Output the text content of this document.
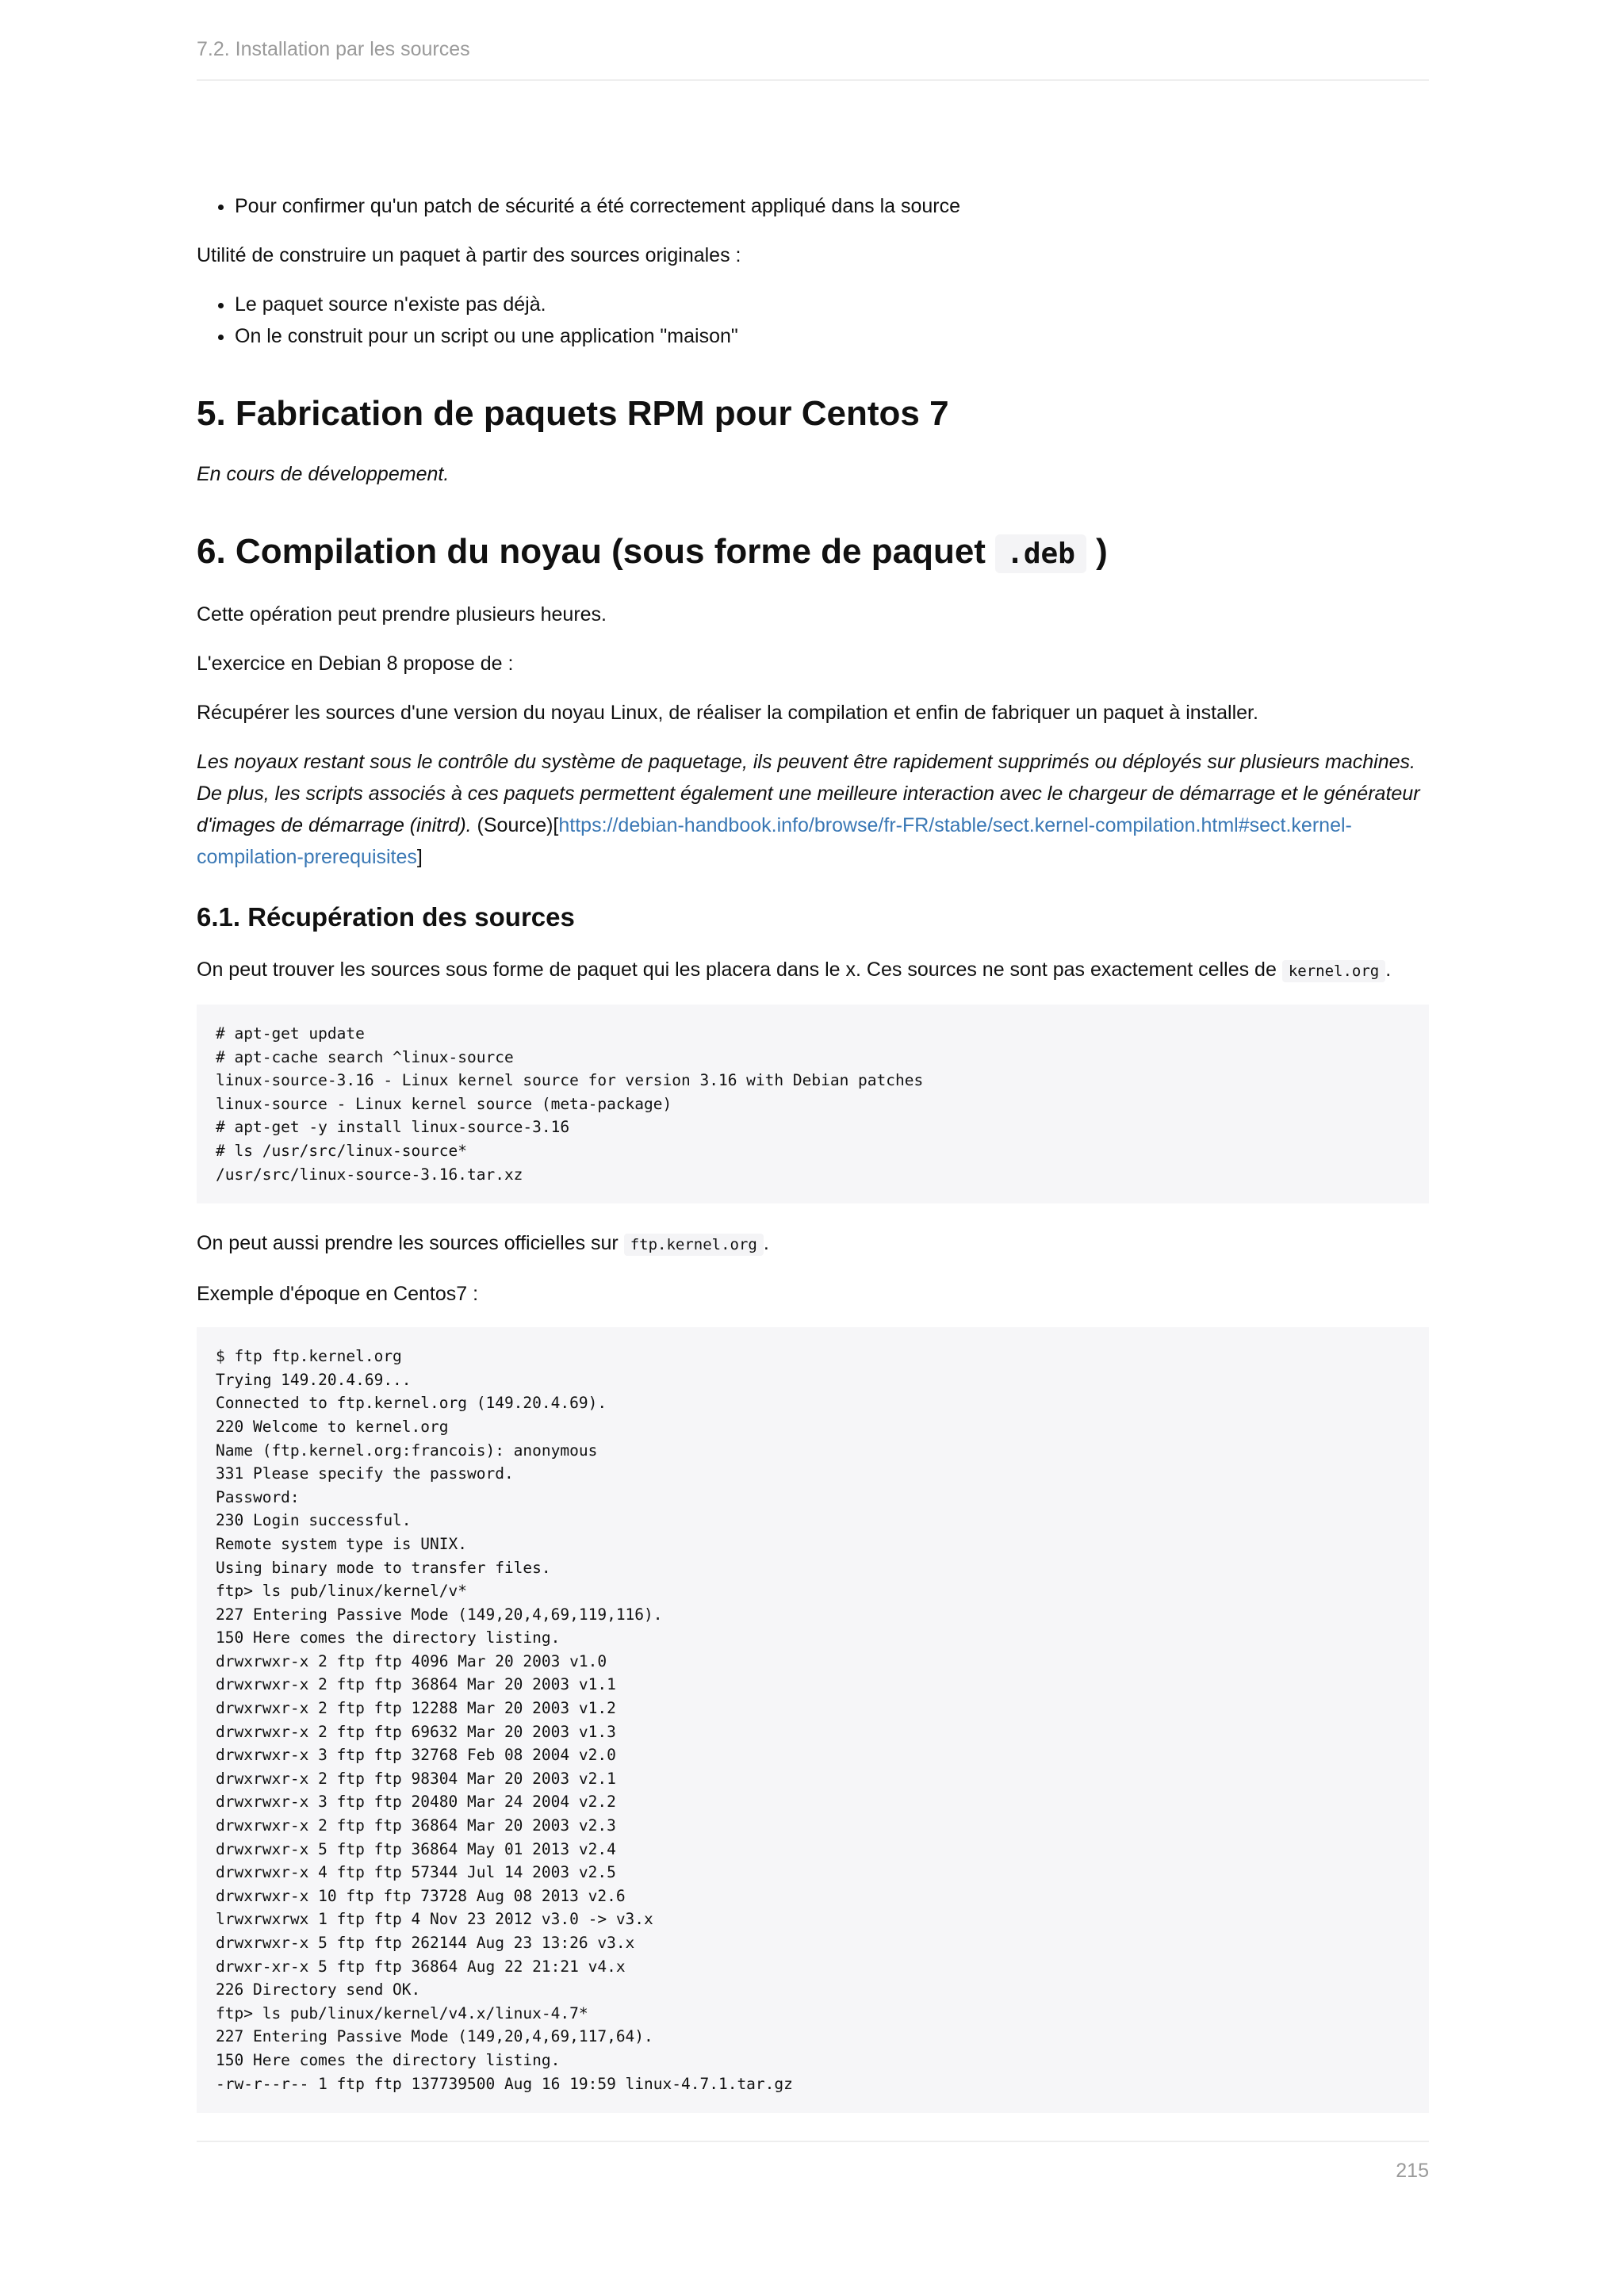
7.2. Installation par les sources
• Pour confirmer qu'un patch de sécurité a été correctement appliqué dans la source

Utilité de construire un paquet à partir des sources originales :

• Le paquet source n'existe pas déjà.
• On le construit pour un script ou une application "maison"
5. Fabrication de paquets RPM pour Centos 7

En cours de développement.

6. Compilation du noyau (sous forme de paquet .deb )

Cette opération peut prendre plusieurs heures.

L'exercice en Debian 8 propose de :

Récupérer les sources d'une version du noyau Linux, de réaliser la compilation et enfin de fabriquer un paquet à installer.

Les noyaux restant sous le contrôle du système de paquetage, ils peuvent être rapidement supprimés ou déployés sur plusieurs machines. De plus, les scripts associés à ces paquets permettent également une meilleure interaction avec le chargeur de démarrage et le générateur d'images de démarrage (initrd). (Source)[https://debian-handbook.info/browse/fr-FR/stable/sect.kernel-compilation.html#sect.kernel-compilation-prerequisites]

6.1. Récupération des sources

On peut trouver les sources sous forme de paquet qui les placera dans le x. Ces sources ne sont pas exactement celles de kernel.org .

# apt-get update
# apt-cache search ^linux-source
linux-source-3.16 - Linux kernel source for version 3.16 with Debian patches
linux-source - Linux kernel source (meta-package)
# apt-get -y install linux-source-3.16
# ls /usr/src/linux-source*
/usr/src/linux-source-3.16.tar.xz

On peut aussi prendre les sources officielles sur ftp.kernel.org .

Exemple d'époque en Centos7 :

$ ftp ftp.kernel.org
Trying 149.20.4.69...
Connected to ftp.kernel.org (149.20.4.69).
220 Welcome to kernel.org
Name (ftp.kernel.org:francois): anonymous
331 Please specify the password.
Password:
230 Login successful.
Remote system type is UNIX.
Using binary mode to transfer files.
ftp> ls pub/linux/kernel/v*
227 Entering Passive Mode (149,20,4,69,119,116).
150 Here comes the directory listing.
drwxrwxr-x 2 ftp ftp 4096 Mar 20 2003 v1.0
drwxrwxr-x 2 ftp ftp 36864 Mar 20 2003 v1.1
drwxrwxr-x 2 ftp ftp 12288 Mar 20 2003 v1.2
drwxrwxr-x 2 ftp ftp 69632 Mar 20 2003 v1.3
drwxrwxr-x 3 ftp ftp 32768 Feb 08 2004 v2.0
drwxrwxr-x 2 ftp ftp 98304 Mar 20 2003 v2.1
drwxrwxr-x 3 ftp ftp 20480 Mar 24 2004 v2.2
drwxrwxr-x 2 ftp ftp 36864 Mar 20 2003 v2.3
drwxrwxr-x 5 ftp ftp 36864 May 01 2013 v2.4
drwxrwxr-x 4 ftp ftp 57344 Jul 14 2003 v2.5
drwxrwxr-x 10 ftp ftp 73728 Aug 08 2013 v2.6
lrwxrwxrwx 1 ftp ftp 4 Nov 23 2012 v3.0 -> v3.x
drwxrwxr-x 5 ftp ftp 262144 Aug 23 13:26 v3.x
drwxr-xr-x 5 ftp ftp 36864 Aug 22 21:21 v4.x
226 Directory send OK.
ftp> ls pub/linux/kernel/v4.x/linux-4.7*
227 Entering Passive Mode (149,20,4,69,117,64).
150 Here comes the directory listing.
-rw-r--r-- 1 ftp ftp 137739500 Aug 16 19:59 linux-4.7.1.tar.gz
215
